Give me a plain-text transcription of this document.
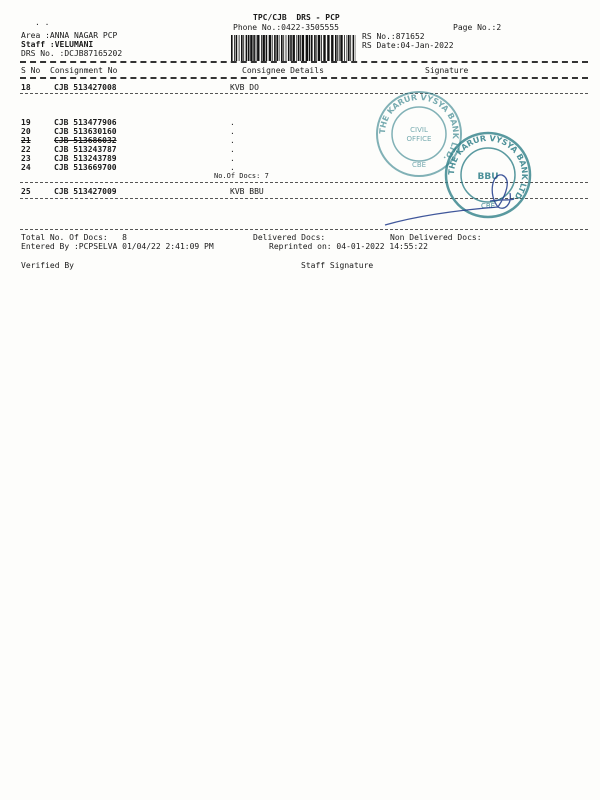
. .
TPC/CJB  DRS - PCP
Phone No.:0422-3505555	Page No.:2
Area :ANNA NAGAR PCP
Staff :VELUMANI
DRS No. :DCJB87165202
RS No.:871652
RS Date:04-Jan-2022
S No Consignment No	Consignee Details	Signature
18	CJB 513427008	KVB DO
19	CJB 513477906	.
20	CJB 513630160	.
21	CJB 513686032	.
22	CJB 513243787	.
23	CJB 513243789	.
24	CJB 513669700	.
No.Of Docs: 7
25	CJB 513427009	KVB BBU
THE KARUR VYSYA BANK LTD.
CIVIL
OFFICE
CBE
THE KARUR VYSYA BANK LTD.
BBU
CBE
Total No. Of Docs:   8	Delivered Docs:	Non Delivered Docs:
Entered By :PCPSELVA 01/04/22 2:41:09 PM	Reprinted on: 04-01-2022 14:55:22
Verified By	Staff Signature
